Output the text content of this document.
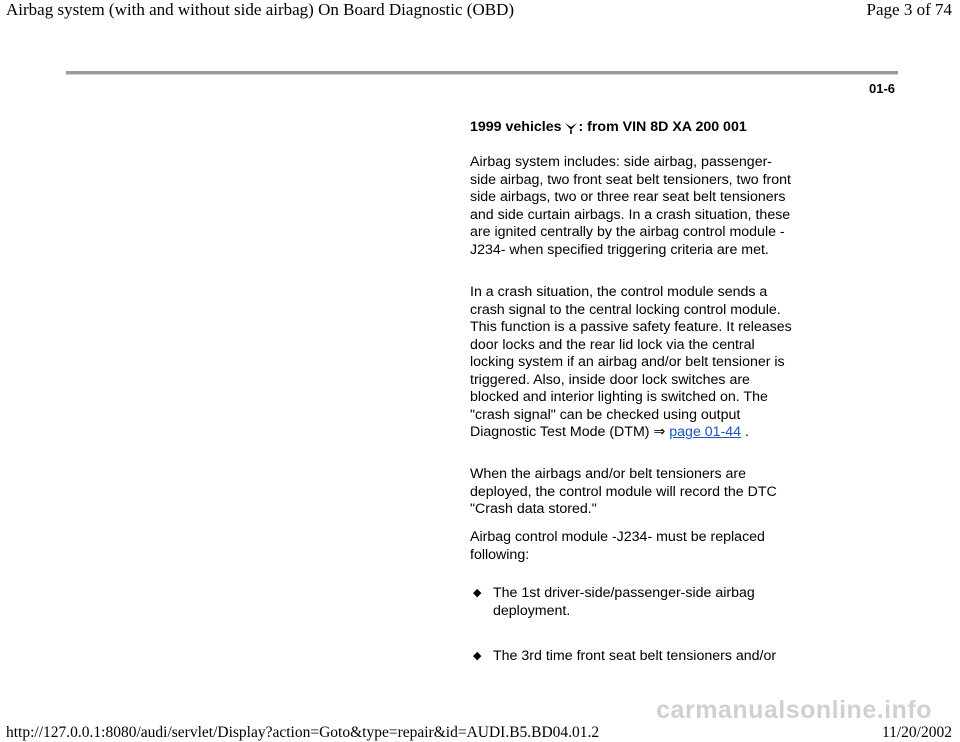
Airbag system (with and without side airbag) On Board Diagnostic (OBD)	Page 3 of 74
01-6
1999 vehicles : from VIN 8D XA 200 001

Airbag system includes: side airbag, passenger-side airbag, two front seat belt tensioners, two front side airbags, two or three rear seat belt tensioners and side curtain airbags. In a crash situation, these are ignited centrally by the airbag control module -J234- when specified triggering criteria are met.

In a crash situation, the control module sends a crash signal to the central locking control module. This function is a passive safety feature. It releases door locks and the rear lid lock via the central locking system if an airbag and/or belt tensioner is triggered. Also, inside door lock switches are blocked and interior lighting is switched on. The "crash signal" can be checked using output Diagnostic Test Mode (DTM) ⇒ page 01-44 .

When the airbags and/or belt tensioners are deployed, the control module will record the DTC "Crash data stored."

Airbag control module -J234- must be replaced following:

◆ The 1st driver-side/passenger-side airbag deployment.
◆ The 3rd time front seat belt tensioners and/or
carmanualsonline.info
http://127.0.0.1:8080/audi/servlet/Display?action=Goto&type=repair&id=AUDI.B5.BD04.01.2	11/20/2002
